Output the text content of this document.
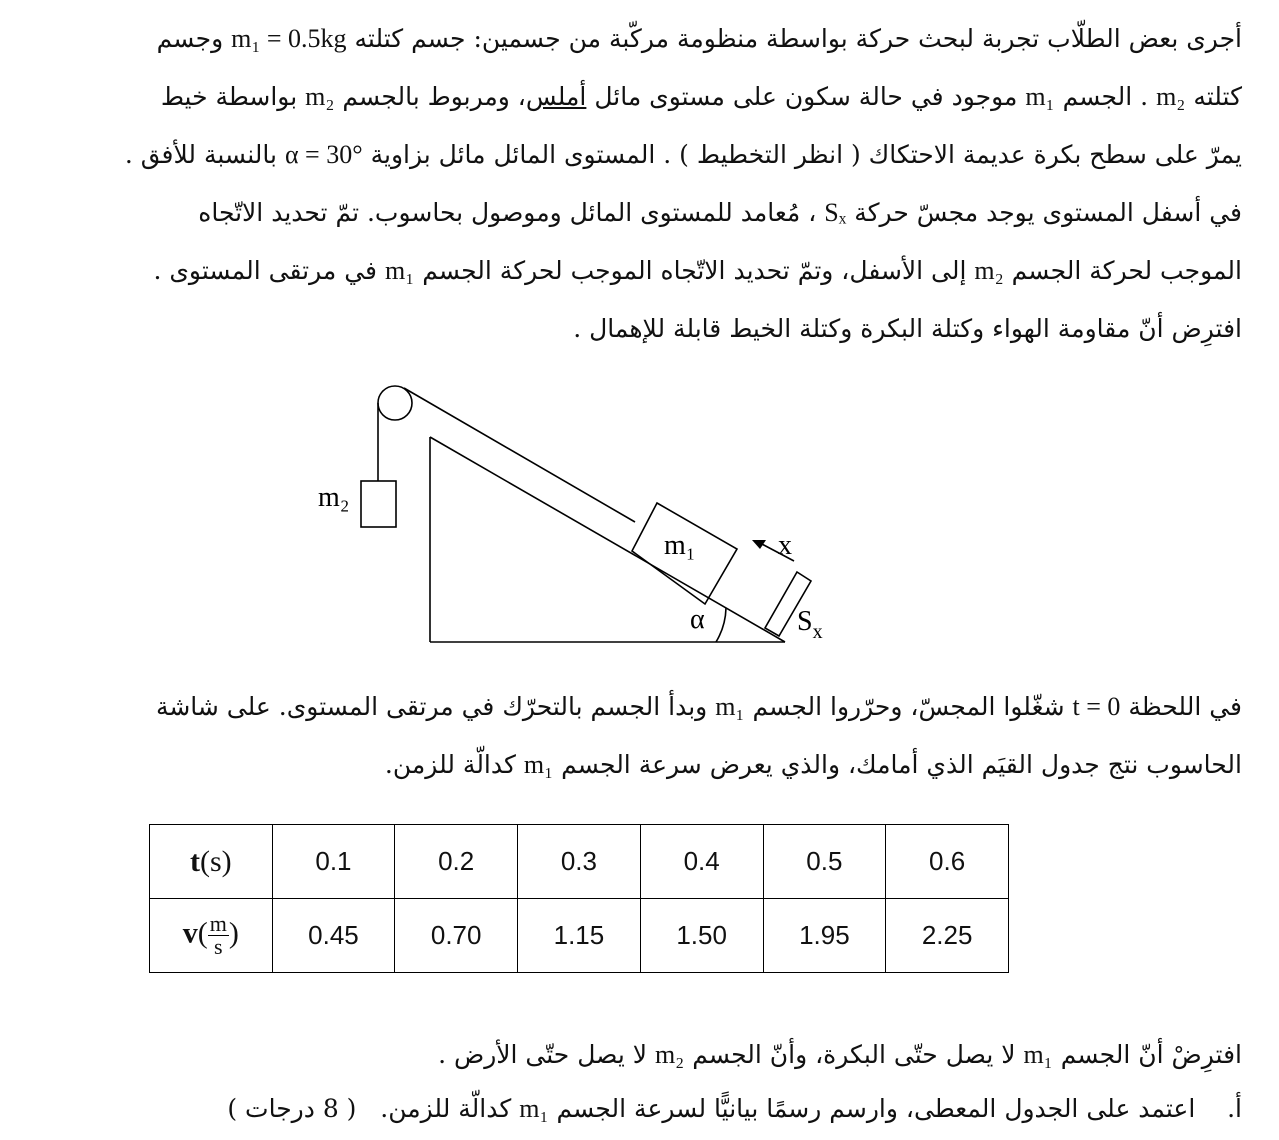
أجرى بعض الطلّاب تجربة لبحث حركة بواسطة منظومة مركّبة من جسمين: جسم كتلته m₁ = 0.5kg وجسم
كتلته m₂ . الجسم m₁ موجود في حالة سكون على مستوى مائل أملس، ومربوط بالجسم m₂ بواسطة خيط
يمرّ على سطح بكرة عديمة الاحتكاك ( انظر التخطيط ) . المستوى المائل مائل بزاوية α = 30° بالنسبة للأفق .
في أسفل المستوى يوجد مجسّ حركة Sₓ ، مُعامد للمستوى المائل وموصول بحاسوب. تمّ تحديد الاتّجاه
الموجب لحركة الجسم m₂ إلى الأسفل، وتمّ تحديد الاتّجاه الموجب لحركة الجسم m₁ في مرتقى المستوى .
افترِض أنّ مقاومة الهواء وكتلة البكرة وكتلة الخيط قابلة للإهمال .
m₂
m₁
α
x
$S_x$
في اللحظة t = 0 شغّلوا المجسّ، وحرّروا الجسم m₁ وبدأ الجسم بالتحرّك في مرتقى المستوى. على شاشة
الحاسوب نتج جدول القيَم الذي أمامك، والذي يعرض سرعة الجسم m₁ كدالّة للزمن.
t(s)	0.1	0.2	0.3	0.4	0.5	0.6
$v( \frac{m}{s}$ )	0.45	0.70	1.15	1.50	1.95	2.25
افترِضْ أنّ الجسم m₁ لا يصل حتّى البكرة، وأنّ الجسم m₂ لا يصل حتّى الأرض .
أ.    اعتمد على الجدول المعطى، وارسم رسمًا بيانيًّا لسرعة الجسم m₁ كدالّة للزمن.   ( 8 درجات )
